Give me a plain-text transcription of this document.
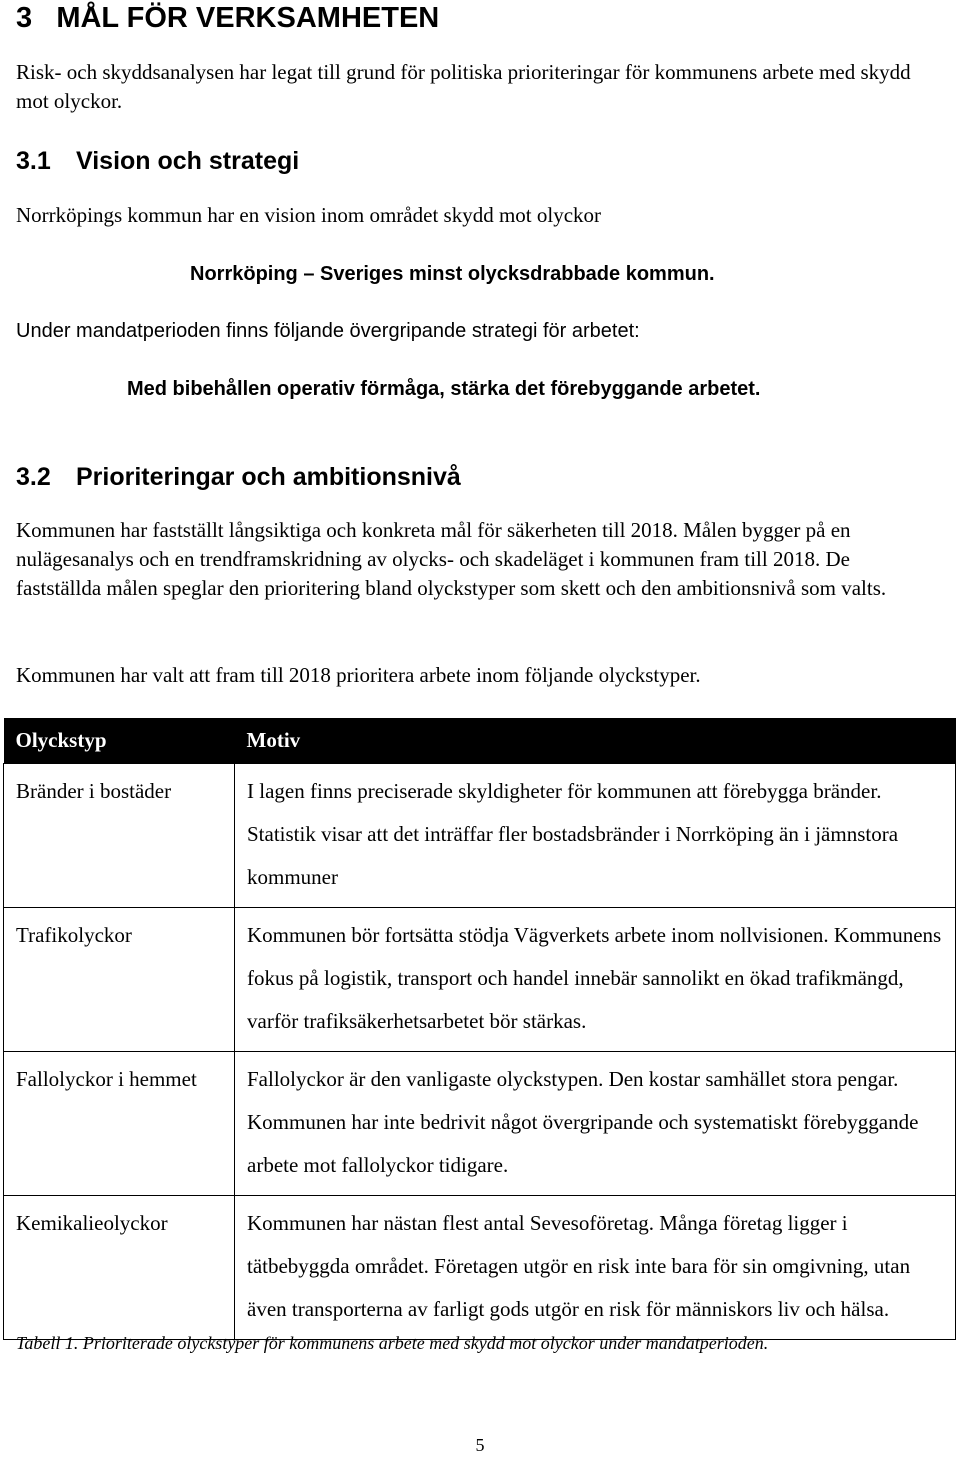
3 MÅL FÖR VERKSAMHETEN

Risk- och skyddsanalysen har legat till grund för politiska prioriteringar för kommunens arbete med skydd mot olyckor.

3.1 Vision och strategi

Norrköpings kommun har en vision inom området skydd mot olyckor

Norrköping – Sveriges minst olycksdrabbade kommun.

Under mandatperioden finns följande övergripande strategi för arbetet:

Med bibehållen operativ förmåga, stärka det förebyggande arbetet.
3.2 Prioriteringar och ambitionsnivå

Kommunen har fastställt långsiktiga och konkreta mål för säkerheten till 2018. Målen bygger på en nulägesanalys och en trendframskridning av olycks- och skadeläget i kommunen fram till 2018. De fastställda målen speglar den prioritering bland olyckstyper som skett och den ambitionsnivå som valts.

Kommunen har valt att fram till 2018 prioritera arbete inom följande olyckstyper.

Olyckstyp	Motiv
Bränder i bostäder	I lagen finns preciserade skyldigheter för kommunen att förebygga bränder. Statistik visar att det inträffar fler bostadsbränder i Norrköping än i jämnstora kommuner
Trafikolyckor	Kommunen bör fortsätta stödja Vägverkets arbete inom nollvisionen. Kommunens fokus på logistik, transport och handel innebär sannolikt en ökad trafikmängd, varför trafiksäkerhetsarbetet bör stärkas.
Fallolyckor i hemmet	Fallolyckor är den vanligaste olyckstypen. Den kostar samhället stora pengar. Kommunen har inte bedrivit något övergripande och systematiskt förebyggande arbete mot fallolyckor tidigare.
Kemikalieolyckor	Kommunen har nästan flest antal Sevesoföretag. Många företag ligger i tätbebyggda området. Företagen utgör en risk inte bara för sin omgivning, utan även transporterna av farligt gods utgör en risk för människors liv och hälsa.
Tabell 1. Prioriterade olyckstyper för kommunens arbete med skydd mot olyckor under mandatperioden.
5
